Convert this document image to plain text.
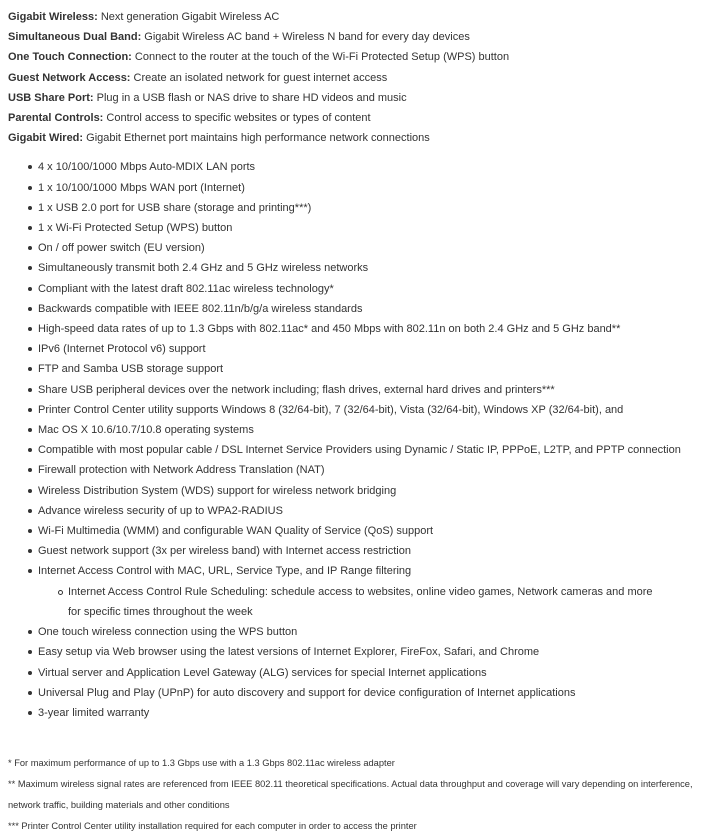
Gigabit Wireless: Next generation Gigabit Wireless AC
Simultaneous Dual Band: Gigabit Wireless AC band + Wireless N band for every day devices
One Touch Connection: Connect to the router at the touch of the Wi-Fi Protected Setup (WPS) button
Guest Network Access: Create an isolated network for guest internet access
USB Share Port: Plug in a USB flash or NAS drive to share HD videos and music
Parental Controls: Control access to specific websites or types of content
Gigabit Wired: Gigabit Ethernet port maintains high performance network connections
4 x 10/100/1000 Mbps Auto-MDIX LAN ports
1 x 10/100/1000 Mbps WAN port (Internet)
1 x USB 2.0 port for USB share (storage and printing***)
1 x Wi-Fi Protected Setup (WPS) button
On / off power switch (EU version)
Simultaneously transmit both 2.4 GHz and 5 GHz wireless networks
Compliant with the latest draft 802.11ac wireless technology*
Backwards compatible with IEEE 802.11n/b/g/a wireless standards
High-speed data rates of up to 1.3 Gbps with 802.11ac* and 450 Mbps with 802.11n on both 2.4 GHz and 5 GHz band**
IPv6 (Internet Protocol v6) support
FTP and Samba USB storage support
Share USB peripheral devices over the network including; flash drives, external hard drives and printers***
Printer Control Center utility supports Windows 8 (32/64-bit), 7 (32/64-bit), Vista (32/64-bit), Windows XP (32/64-bit), and
Mac OS X 10.6/10.7/10.8 operating systems
Compatible with most popular cable / DSL Internet Service Providers using Dynamic / Static IP, PPPoE, L2TP, and PPTP connection
Firewall protection with Network Address Translation (NAT)
Wireless Distribution System (WDS) support for wireless network bridging
Advance wireless security of up to WPA2-RADIUS
Wi-Fi Multimedia (WMM) and configurable WAN Quality of Service (QoS) support
Guest network support (3x per wireless band) with Internet access restriction
Internet Access Control with MAC, URL, Service Type, and IP Range filtering
Internet Access Control Rule Scheduling: schedule access to websites, online video games, Network cameras and more for specific times throughout the week
One touch wireless connection using the WPS button
Easy setup via Web browser using the latest versions of Internet Explorer, FireFox, Safari, and Chrome
Virtual server and Application Level Gateway (ALG) services for special Internet applications
Universal Plug and Play (UPnP) for auto discovery and support for device configuration of Internet applications
3-year limited warranty
* For maximum performance of up to 1.3 Gbps use with a 1.3 Gbps 802.11ac wireless adapter
** Maximum wireless signal rates are referenced from IEEE 802.11 theoretical specifications. Actual data throughput and coverage will vary depending on interference, network traffic, building materials and other conditions
*** Printer Control Center utility installation required for each computer in order to access the printer
